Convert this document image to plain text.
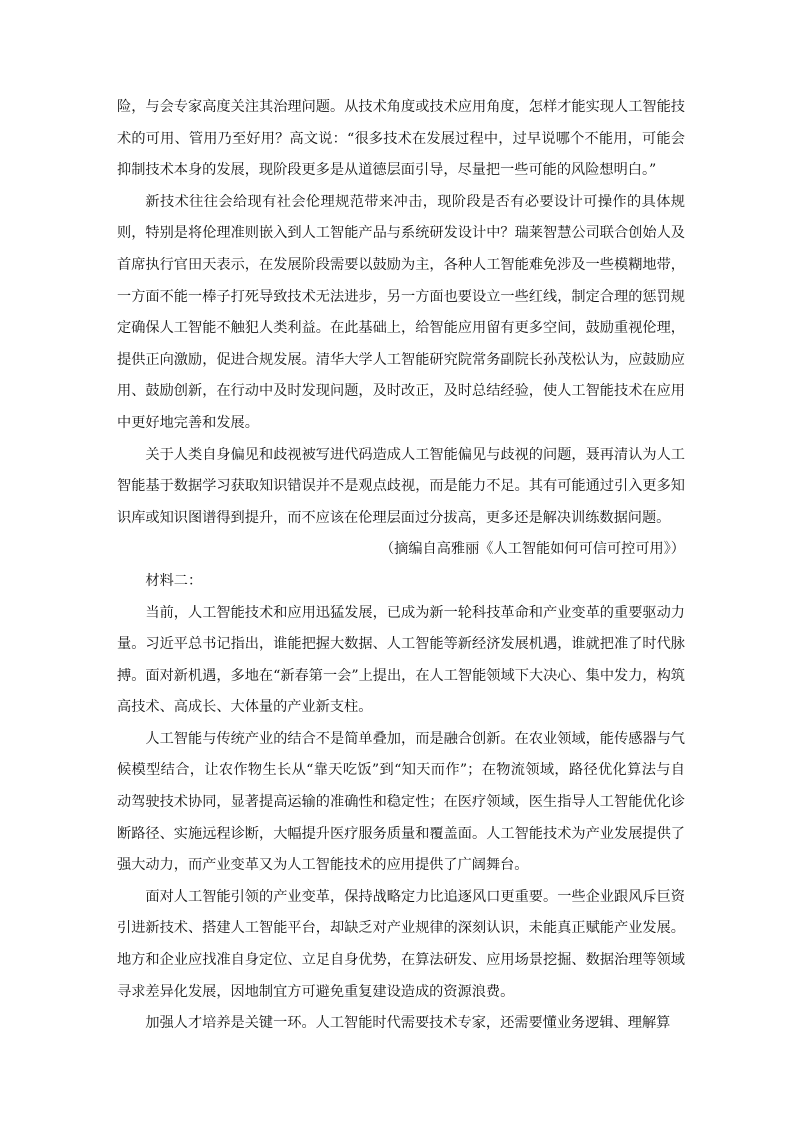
险，与会专家高度关注其治理问题。从技术角度或技术应用角度，怎样才能实现人工智能技术的可用、管用乃至好用？高文说：“很多技术在发展过程中，过早说哪个不能用，可能会抑制技术本身的发展，现阶段更多是从道德层面引导，尽量把一些可能的风险想明白。”

新技术往往会给现有社会伦理规范带来冲击，现阶段是否有必要设计可操作的具体规则，特别是将伦理准则嵌入到人工智能产品与系统研发设计中？瑞莱智慧公司联合创始人及首席执行官田天表示，在发展阶段需要以鼓励为主，各种人工智能难免涉及一些模糊地带，一方面不能一棒子打死导致技术无法进步，另一方面也要设立一些红线，制定合理的惩罚规定确保人工智能不触犯人类利益。在此基础上，给智能应用留有更多空间，鼓励重视伦理，提供正向激励，促进合规发展。清华大学人工智能研究院常务副院长孙茂松认为，应鼓励应用、鼓励创新，在行动中及时发现问题，及时改正，及时总结经验，使人工智能技术在应用中更好地完善和发展。

关于人类自身偏见和歧视被写进代码造成人工智能偏见与歧视的问题，聂再清认为人工智能基于数据学习获取知识错误并不是观点歧视，而是能力不足。其有可能通过引入更多知识库或知识图谱得到提升，而不应该在伦理层面过分拔高，更多还是解决训练数据问题。

（摘编自高雅丽《人工智能如何可信可控可用》）

材料二：

当前，人工智能技术和应用迅猛发展，已成为新一轮科技革命和产业变革的重要驱动力量。习近平总书记指出，谁能把握大数据、人工智能等新经济发展机遇，谁就把准了时代脉搏。面对新机遇，多地在“新春第一会”上提出，在人工智能领域下大决心、集中发力，构筑高技术、高成长、大体量的产业新支柱。

人工智能与传统产业的结合不是简单叠加，而是融合创新。在农业领域，能传感器与气候模型结合，让农作物生长从“靠天吃饭”到“知天而作”；在物流领域，路径优化算法与自动驾驶技术协同，显著提高运输的准确性和稳定性；在医疗领域，医生指导人工智能优化诊断路径、实施远程诊断，大幅提升医疗服务质量和覆盖面。人工智能技术为产业发展提供了强大动力，而产业变革又为人工智能技术的应用提供了广阔舞台。

面对人工智能引领的产业变革，保持战略定力比追逐风口更重要。一些企业跟风斥巨资引进新技术、搭建人工智能平台，却缺乏对产业规律的深刻认识，未能真正赋能产业发展。地方和企业应找准自身定位、立足自身优势，在算法研发、应用场景挖掘、数据治理等领域寻求差异化发展，因地制宜方可避免重复建设造成的资源浪费。

加强人才培养是关键一环。人工智能时代需要技术专家，还需要懂业务逻辑、理解算
